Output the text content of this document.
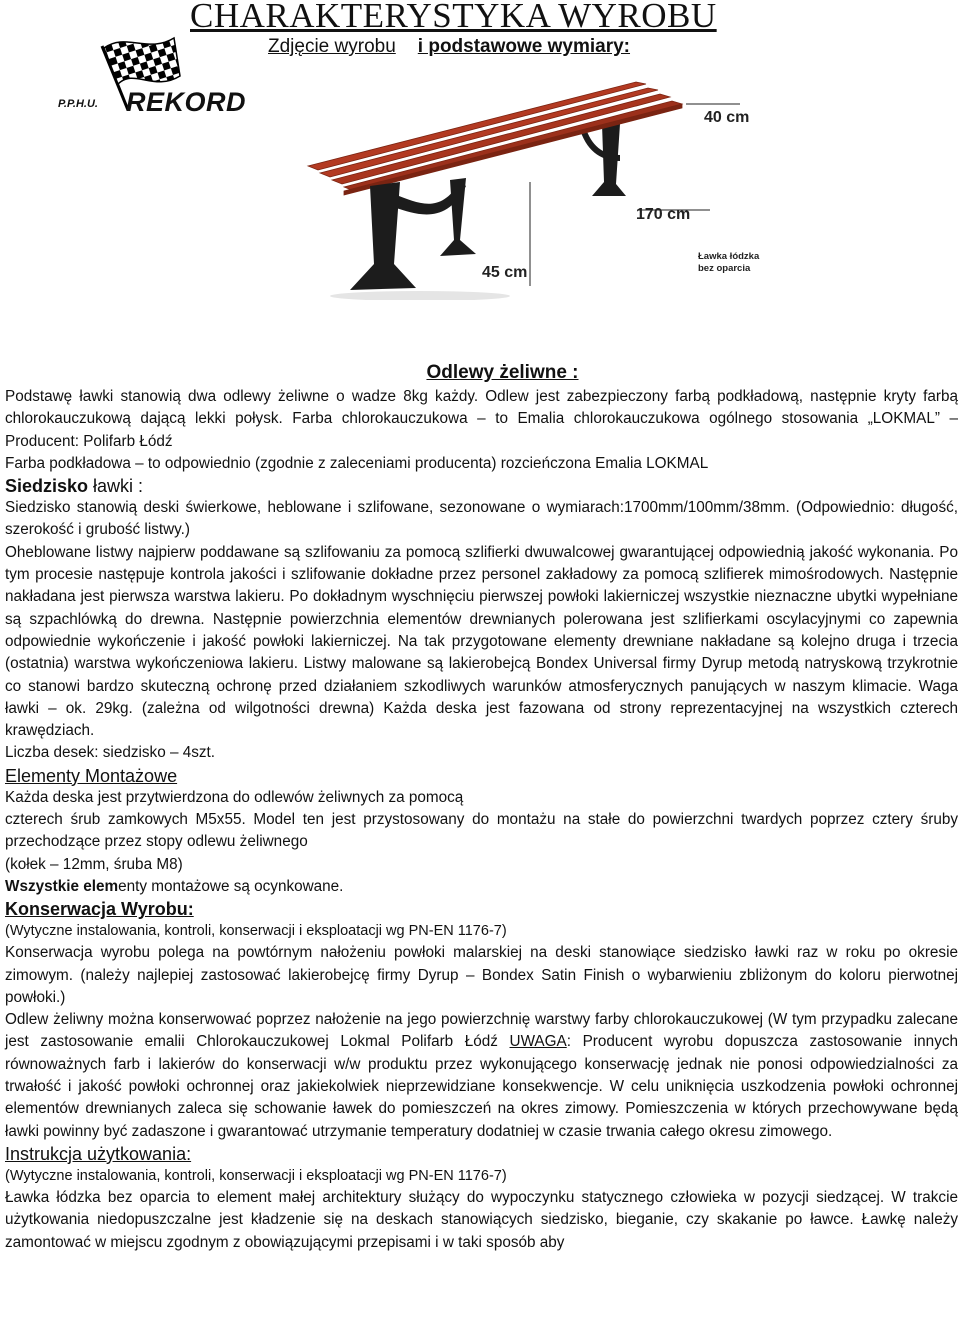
CHARAKTERYSTYKA WYROBU
Zdjęcie wyrobu i podstawowe wymiary:
P.P.H.U. REKORD
40 cm
170 cm
45 cm
Ławka łódzka
bez oparcia
Odlewy żeliwne :

Podstawę ławki stanowią dwa odlewy żeliwne o wadze 8kg każdy. Odlew jest zabezpieczony farbą podkładową, następnie kryty farbą chlorokauczukową dającą lekki połysk. Farba chlorokauczukowa – to Emalia chlorokauczukowa ogólnego stosowania „LOKMAL” – Producent: Polifarb Łódź

Farba podkładowa – to odpowiednio (zgodnie z zaleceniami producenta) rozcieńczona Emalia LOKMAL

Siedzisko ławki :

Siedzisko stanowią deski świerkowe, heblowane i szlifowane, sezonowane o wymiarach:1700mm/100mm/38mm. (Odpowiednio: długość, szerokość i grubość listwy.)

Oheblowane listwy najpierw poddawane są szlifowaniu za pomocą szlifierki dwuwalcowej gwarantującej odpowiednią jakość wykonania. Po tym procesie następuje kontrola jakości i szlifowanie dokładne przez personel zakładowy za pomocą szlifierek mimośrodowych. Następnie nakładana jest pierwsza warstwa lakieru. Po dokładnym wyschnięciu pierwszej powłoki lakierniczej wszystkie nieznaczne ubytki wypełniane są szpachlówką do drewna. Następnie powierzchnia elementów drewnianych polerowana jest szlifierkami oscylacyjnymi co zapewnia odpowiednie wykończenie i jakość powłoki lakierniczej. Na tak przygotowane elementy drewniane nakładane są kolejno druga i trzecia (ostatnia) warstwa wykończeniowa lakieru. Listwy malowane są lakierobejcą Bondex Universal firmy Dyrup metodą natryskową trzykrotnie co stanowi bardzo skuteczną ochronę przed działaniem szkodliwych warunków atmosferycznych panujących w naszym klimacie. Waga ławki – ok. 29kg. (zależna od wilgotności drewna) Każda deska jest fazowana od strony reprezentacyjnej na wszystkich czterech krawędziach.

Liczba desek: siedzisko – 4szt.

Elementy Montażowe

Każda deska jest przytwierdzona do odlewów żeliwnych za pomocą

czterech śrub zamkowych M5x55. Model ten jest przystosowany do montażu na stałe do powierzchni twardych poprzez cztery śruby przechodzące przez stopy odlewu żeliwnego

(kołek – 12mm, śruba M8)

Wszystkie elementy montażowe są ocynkowane.

Konserwacja Wyrobu:
(Wytyczne instalowania, kontroli, konserwacji i eksploatacji wg PN-EN 1176-7)

Konserwacja wyrobu polega na powtórnym nałożeniu powłoki malarskiej na deski stanowiące siedzisko ławki raz w roku po okresie zimowym. (należy najlepiej zastosować lakierobejcę firmy Dyrup – Bondex Satin Finish o wybarwieniu zbliżonym do koloru pierwotnej powłoki.)

Odlew żeliwny można konserwować poprzez nałożenie na jego powierzchnię warstwy farby chlorokauczukowej (W tym przypadku zalecane jest zastosowanie emalii Chlorokauczukowej Lokmal Polifarb Łódź UWAGA: Producent wyrobu dopuszcza zastosowanie innych równoważnych farb i lakierów do konserwacji w/w produktu przez wykonującego konserwację jednak nie ponosi odpowiedzialności za trwałość i jakość powłoki ochronnej oraz jakiekolwiek nieprzewidziane konsekwencje. W celu uniknięcia uszkodzenia powłoki ochronnej elementów drewnianych zaleca się schowanie ławek do pomieszczeń na okres zimowy. Pomieszczenia w których przechowywane będą ławki powinny być zadaszone i gwarantować utrzymanie temperatury dodatniej w czasie trwania całego okresu zimowego.

Instrukcja użytkowania:
(Wytyczne instalowania, kontroli, konserwacji i eksploatacji wg PN-EN 1176-7)

Ławka łódzka bez oparcia to element małej architektury służący do wypoczynku statycznego człowieka w pozycji siedzącej. W trakcie użytkowania niedopuszczalne jest kładzenie się na deskach stanowiących siedzisko, bieganie, czy skakanie po ławce. Ławkę należy zamontować w miejscu zgodnym z obowiązującymi przepisami i w taki sposób aby
